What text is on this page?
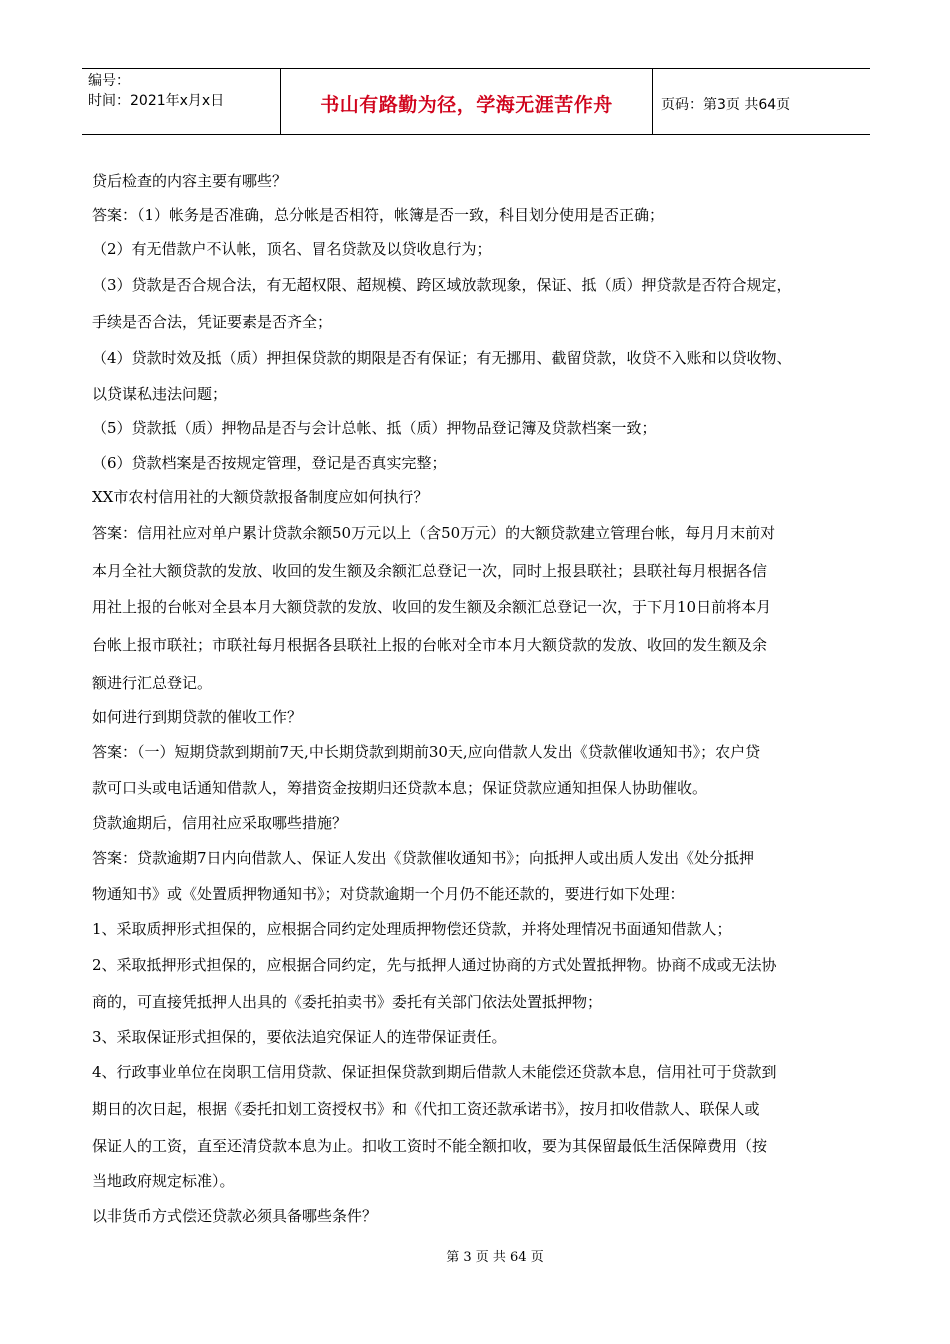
编号：
时间：2021年x月x日	书山有路勤为径，学海无涯苦作舟	页码：第3页 共64页
贷后检查的内容主要有哪些？
答案：（1）帐务是否准确，总分帐是否相符，帐簿是否一致，科目划分使用是否正确；
（2）有无借款户不认帐，顶名、冒名贷款及以贷收息行为；
（3）贷款是否合规合法，有无超权限、超规模、跨区域放款现象，保证、抵（质）押贷款是否符合规定，
手续是否合法，凭证要素是否齐全；
（4）贷款时效及抵（质）押担保贷款的期限是否有保证；有无挪用、截留贷款，收贷不入账和以贷收物、
以贷谋私违法问题；
（5）贷款抵（质）押物品是否与会计总帐、抵（质）押物品登记簿及贷款档案一致；
（6）贷款档案是否按规定管理，登记是否真实完整；
XX市农村信用社的大额贷款报备制度应如何执行？
答案：信用社应对单户累计贷款余额50万元以上（含50万元）的大额贷款建立管理台帐，每月月末前对
本月全社大额贷款的发放、收回的发生额及余额汇总登记一次，同时上报县联社；县联社每月根据各信
用社上报的台帐对全县本月大额贷款的发放、收回的发生额及余额汇总登记一次，于下月10日前将本月
台帐上报市联社；市联社每月根据各县联社上报的台帐对全市本月大额贷款的发放、收回的发生额及余
额进行汇总登记。
如何进行到期贷款的催收工作？
答案：（一）短期贷款到期前7天,中长期贷款到期前30天,应向借款人发出《贷款催收通知书》；农户贷
款可口头或电话通知借款人，筹措资金按期归还贷款本息；保证贷款应通知担保人协助催收。
贷款逾期后，信用社应采取哪些措施？
答案：贷款逾期7日内向借款人、保证人发出《贷款催收通知书》；向抵押人或出质人发出《处分抵押
物通知书》或《处置质押物通知书》；对贷款逾期一个月仍不能还款的，要进行如下处理：
1、采取质押形式担保的，应根据合同约定处理质押物偿还贷款，并将处理情况书面通知借款人；
2、采取抵押形式担保的，应根据合同约定，先与抵押人通过协商的方式处置抵押物。协商不成或无法协
商的，可直接凭抵押人出具的《委托拍卖书》委托有关部门依法处置抵押物；
3、采取保证形式担保的，要依法追究保证人的连带保证责任。
4、行政事业单位在岗职工信用贷款、保证担保贷款到期后借款人未能偿还贷款本息，信用社可于贷款到
期日的次日起，根据《委托扣划工资授权书》和《代扣工资还款承诺书》，按月扣收借款人、联保人或
保证人的工资，直至还清贷款本息为止。扣收工资时不能全额扣收，要为其保留最低生活保障费用（按
当地政府规定标准）。
以非货币方式偿还贷款必须具备哪些条件？
第 3 页 共 64 页
